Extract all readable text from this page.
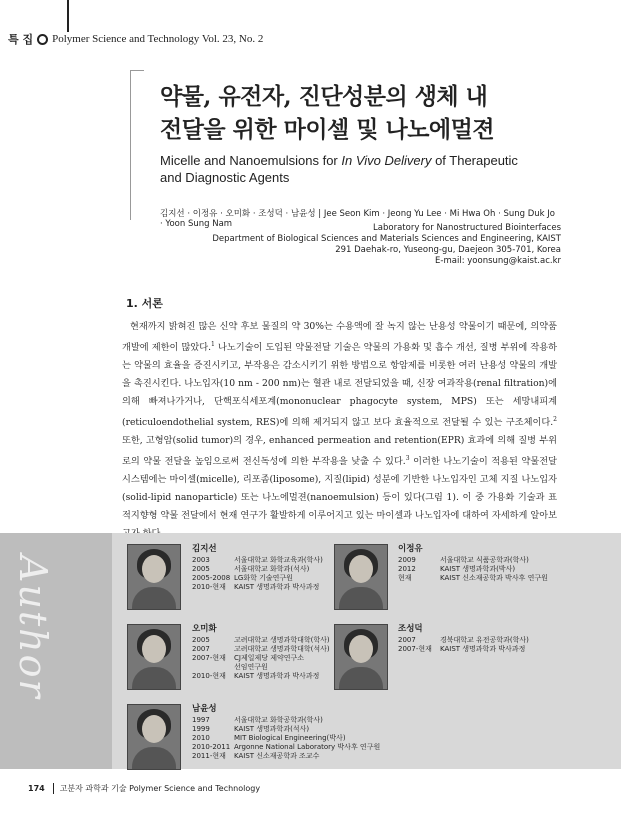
특 집 Polymer Science and Technology Vol. 23, No. 2
약물, 유전자, 진단성분의 생체 내
전달을 위한 마이셀 및 나노에멀젼
Micelle and Nanoemulsions for In Vivo Delivery of Therapeutic
and Diagnostic Agents
김지선 · 이정유 · 오미화 · 조성덕 · 남윤성 | Jee Seon Kim · Jeong Yu Lee · Mi Hwa Oh · Sung Duk Jo · Yoon Sung Nam	Laboratory for Nanostructured Biointerfaces
Department of Biological Sciences and Materials Sciences and Engineering, KAIST
291 Daehak-ro, Yuseong-gu, Daejeon 305-701, Korea
E-mail: yoonsung@kaist.ac.kr
1. 서론

현재까지 밝혀진 많은 신약 후보 물질의 약 30%는 수용액에 잘 녹지 않는 난용성 약물이기 때문에, 의약품 개발에 제한이 많았다.$^1$ 나노기술이 도입된 약물전달 기술은 약물의 가용화 및 흡수 개선, 질병 부위에 작용하는 약물의 효율을 증진시키고, 부작용은 감소시키기 위한 방법으로 항암제를 비롯한 여러 난용성 약물의 개발을 촉진시킨다. 나노입자(10 nm - 200 nm)는 혈관 내로 전달되었을 때, 신장 여과작용(renal filtration)에 의해 빠져나가거나, 단핵포식세포계(mononuclear phagocyte system, MPS) 또는 세망내피계(reticuloendothelial system, RES)에 의해 제거되지 않고 보다 효율적으로 전달될 수 있는 구조체이다.$^2$ 또한, 고형암(solid tumor)의 경우, enhanced permeation and retention(EPR) 효과에 의해 질병 부위로의 약물 전달을 높임으로써 전신독성에 의한 부작용을 낮출 수 있다.$^3$ 이러한 나노기술이 적용된 약물전달 시스템에는 마이셀(micelle), 리포좀(liposome), 지질(lipid) 성분에 기반한 나노입자인 고체 지질 나노입자(solid-lipid nanoparticle) 또는 나노에멀젼(nanoemulsion) 등이 있다(그림 1). 이 중 가용화 기술과 표적지향형 약물 전달에서 현재 연구가 활발하게 이루어지고 있는 마이셀과 나노입자에 대하여 자세하게 알아보

Author
김지선
2003	서울대학교 화학교육과(학사)
2005	서울대학교 화학과(석사)
2005-2008	LG화학 기술연구원
2010-현재	KAIST 생명과학과 박사과정
이정유
2009	서울대학교 식품공학과(학사)
2012	KAIST 생명과학과(박사)
현재	KAIST 신소재공학과 박사후 연구원
오미화
2005	고려대학교 생명과학대학(학사)
2007	고려대학교 생명과학대학(석사)
2007-현재	CJ제일제당 제약연구소
	선임연구원
2010-현재	KAIST 생명과학과 박사과정
조성덕
2007	경북대학교 유전공학과(학사)
2007-현재	KAIST 생명과학과 박사과정
남윤성
1997	서울대학교 화학공학과(학사)
1999	KAIST 생명과학과(석사)
2010	MIT Biological Engineering(박사)
2010-2011	Argonne National Laboratory 박사후 연구원
2011-현재	KAIST 신소재공학과 조교수
174 고분자 과학과 기술 Polymer Science and Technology
